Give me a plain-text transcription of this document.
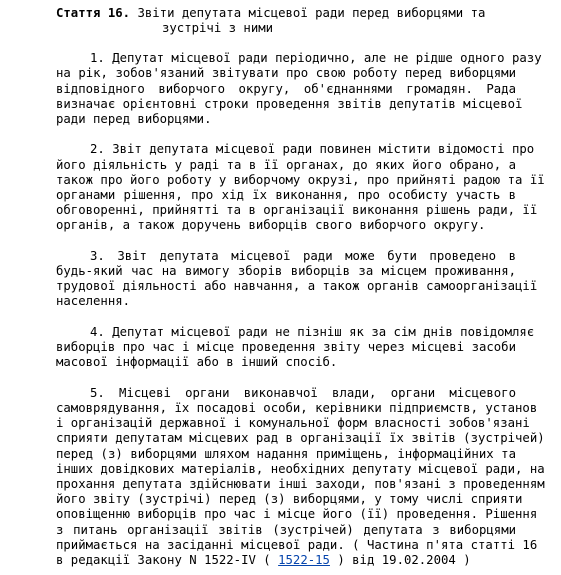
Стаття 16. Звіти депутата місцевої ради перед виборцями та
зустрічі з ними
1. Депутат місцевої ради періодично, але не рідше одного разу
на рік, зобов'язаний звітувати про свою роботу перед виборцями
відповідного виборчого округу, об'єднаннями громадян. Рада
визначає орієнтовні строки проведення звітів депутатів місцевої
ради перед виборцями.
2. Звіт депутата місцевої ради повинен містити відомості про
його діяльність у раді та в її органах, до яких його обрано, а
також про його роботу у виборчому окрузі, про прийняті радою та її
органами рішення, про хід їх виконання, про особисту участь в
обговоренні, прийнятті та в організації виконання рішень ради, її
органів, а також доручень виборців свого виборчого округу.
3. Звіт депутата місцевої ради може бути проведено в
будь-який час на вимогу зборів виборців за місцем проживання,
трудової діяльності або навчання, а також органів самоорганізації
населення.
4. Депутат місцевої ради не пізніш як за сім днів повідомляє
виборців про час і місце проведення звіту через місцеві засоби
масової інформації або в інший спосіб.
5. Місцеві органи виконавчої влади, органи місцевого
самоврядування, їх посадові особи, керівники підприємств, установ
і організацій державної і комунальної форм власності зобов'язані
сприяти депутатам місцевих рад в організації їх звітів (зустрічей)
перед (з) виборцями шляхом надання приміщень, інформаційних та
інших довідкових матеріалів, необхідних депутату місцевої ради, на
прохання депутата здійснювати інші заходи, пов'язані з проведенням
його звіту (зустрічі) перед (з) виборцями, у тому числі сприяти
оповіщенню виборців про час і місце його (її) проведення. Рішення
з питань організації звітів (зустрічей) депутата з виборцями
приймається на засіданні місцевої ради. ( Частина п'ята статті 16
в редакції Закону N 1522-IV ( 1522-15 ) від 19.02.2004 )
